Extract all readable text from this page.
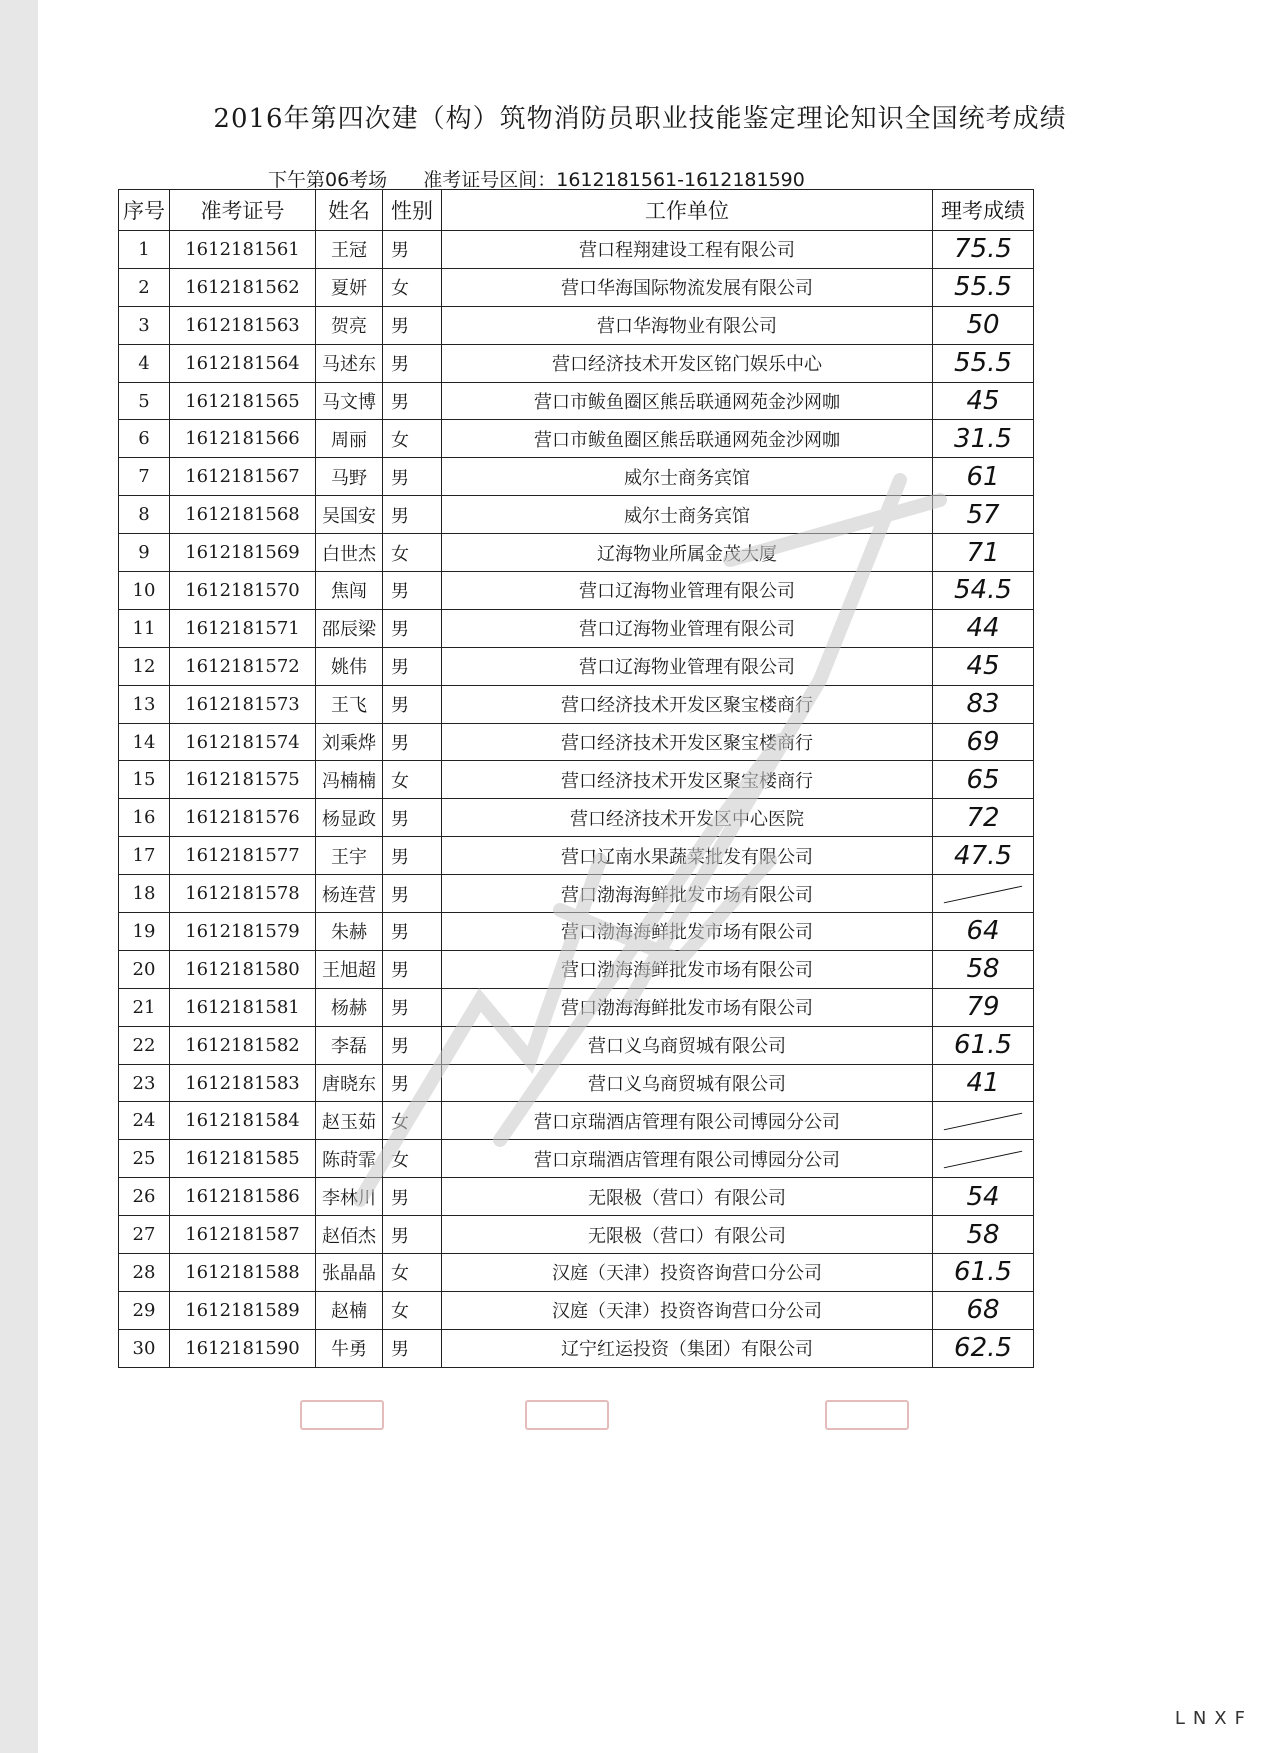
2016年第四次建（构）筑物消防员职业技能鉴定理论知识全国统考成绩
下午第06考场 准考证号区间：1612181561-1612181590
序号	准考证号	姓名	性别	工作单位	理考成绩
1	1612181561	王冠	男	营口程翔建设工程有限公司	75.5
2	1612181562	夏妍	女	营口华海国际物流发展有限公司	55.5
3	1612181563	贺亮	男	营口华海物业有限公司	50
4	1612181564	马述东	男	营口经济技术开发区铭门娱乐中心	55.5
5	1612181565	马文博	男	营口市鲅鱼圈区熊岳联通网苑金沙网咖	45
6	1612181566	周丽	女	营口市鲅鱼圈区熊岳联通网苑金沙网咖	31.5
7	1612181567	马野	男	威尔士商务宾馆	61
8	1612181568	吴国安	男	威尔士商务宾馆	57
9	1612181569	白世杰	女	辽海物业所属金茂大厦	71
10	1612181570	焦闯	男	营口辽海物业管理有限公司	54.5
11	1612181571	邵辰梁	男	营口辽海物业管理有限公司	44
12	1612181572	姚伟	男	营口辽海物业管理有限公司	45
13	1612181573	王飞	男	营口经济技术开发区聚宝楼商行	83
14	1612181574	刘乘烨	男	营口经济技术开发区聚宝楼商行	69
15	1612181575	冯楠楠	女	营口经济技术开发区聚宝楼商行	65
16	1612181576	杨显政	男	营口经济技术开发区中心医院	72
17	1612181577	王宇	男	营口辽南水果蔬菜批发有限公司	47.5
18	1612181578	杨连营	男	营口渤海海鲜批发市场有限公司	
19	1612181579	朱赫	男	营口渤海海鲜批发市场有限公司	64
20	1612181580	王旭超	男	营口渤海海鲜批发市场有限公司	58
21	1612181581	杨赫	男	营口渤海海鲜批发市场有限公司	79
22	1612181582	李磊	男	营口义乌商贸城有限公司	61.5
23	1612181583	唐晓东	男	营口义乌商贸城有限公司	41
24	1612181584	赵玉茹	女	营口京瑞酒店管理有限公司博园分公司	
25	1612181585	陈莳霏	女	营口京瑞酒店管理有限公司博园分公司	
26	1612181586	李林川	男	无限极（营口）有限公司	54
27	1612181587	赵佰杰	男	无限极（营口）有限公司	58
28	1612181588	张晶晶	女	汉庭（天津）投资咨询营口分公司	61.5
29	1612181589	赵楠	女	汉庭（天津）投资咨询营口分公司	68
30	1612181590	牛勇	男	辽宁红运投资（集团）有限公司	62.5
LNXF
